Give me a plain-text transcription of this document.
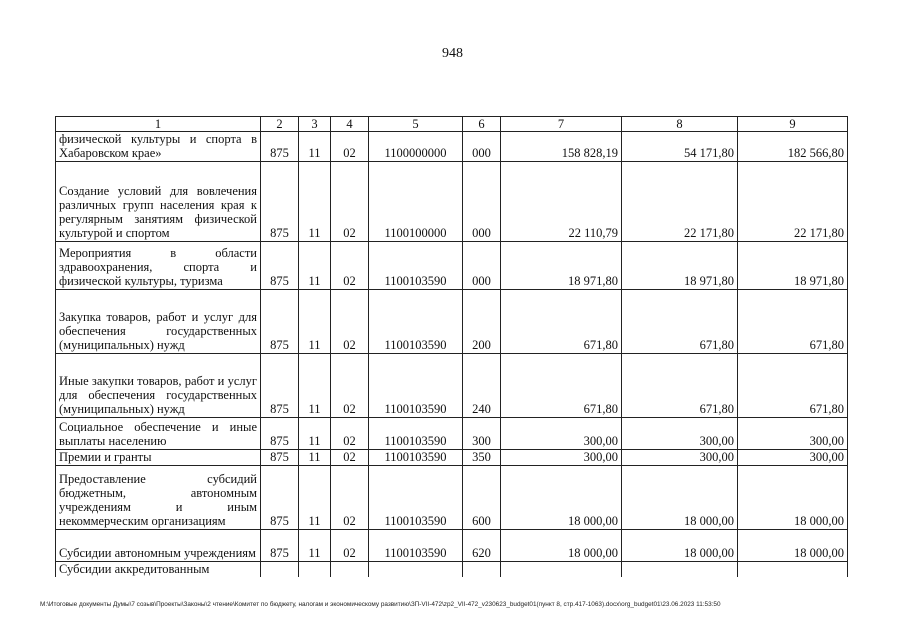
948
1	2	3	4	5	6	7	8	9
физической культуры и спорта в Хабаровском крае»	875	11	02	1100000000	000	158 828,19	54 171,80	182 566,80
Создание условий для вовлечения различных групп населения края к регулярным занятиям физической культурой и спортом	875	11	02	1100100000	000	22 110,79	22 171,80	22 171,80
Мероприятия в области здравоохранения, спорта и физической культуры, туризма	875	11	02	1100103590	000	18 971,80	18 971,80	18 971,80
Закупка товаров, работ и услуг для обеспечения государственных (муниципальных) нужд	875	11	02	1100103590	200	671,80	671,80	671,80
Иные закупки товаров, работ и услуг для обеспечения государственных (муниципальных) нужд	875	11	02	1100103590	240	671,80	671,80	671,80
Социальное обеспечение и иные выплаты населению	875	11	02	1100103590	300	300,00	300,00	300,00
Премии и гранты	875	11	02	1100103590	350	300,00	300,00	300,00
Предоставление субсидий бюджетным, автономным учреждениям и иным некоммерческим организациям	875	11	02	1100103590	600	18 000,00	18 000,00	18 000,00
Субсидии автономным учреждениям	875	11	02	1100103590	620	18 000,00	18 000,00	18 000,00
Субсидии аккредитованным								
M:\Итоговые документы Думы\7 созыв\Проекты\Законы\2 чтение\Комитет по бюджету, налогам и экономическому развитию\ЗП-VII-472\zp2_VII-472_v230623_budget01(пункт 8, стр.417-1063).docx\org_budget01\23.06.2023 11:53:50
